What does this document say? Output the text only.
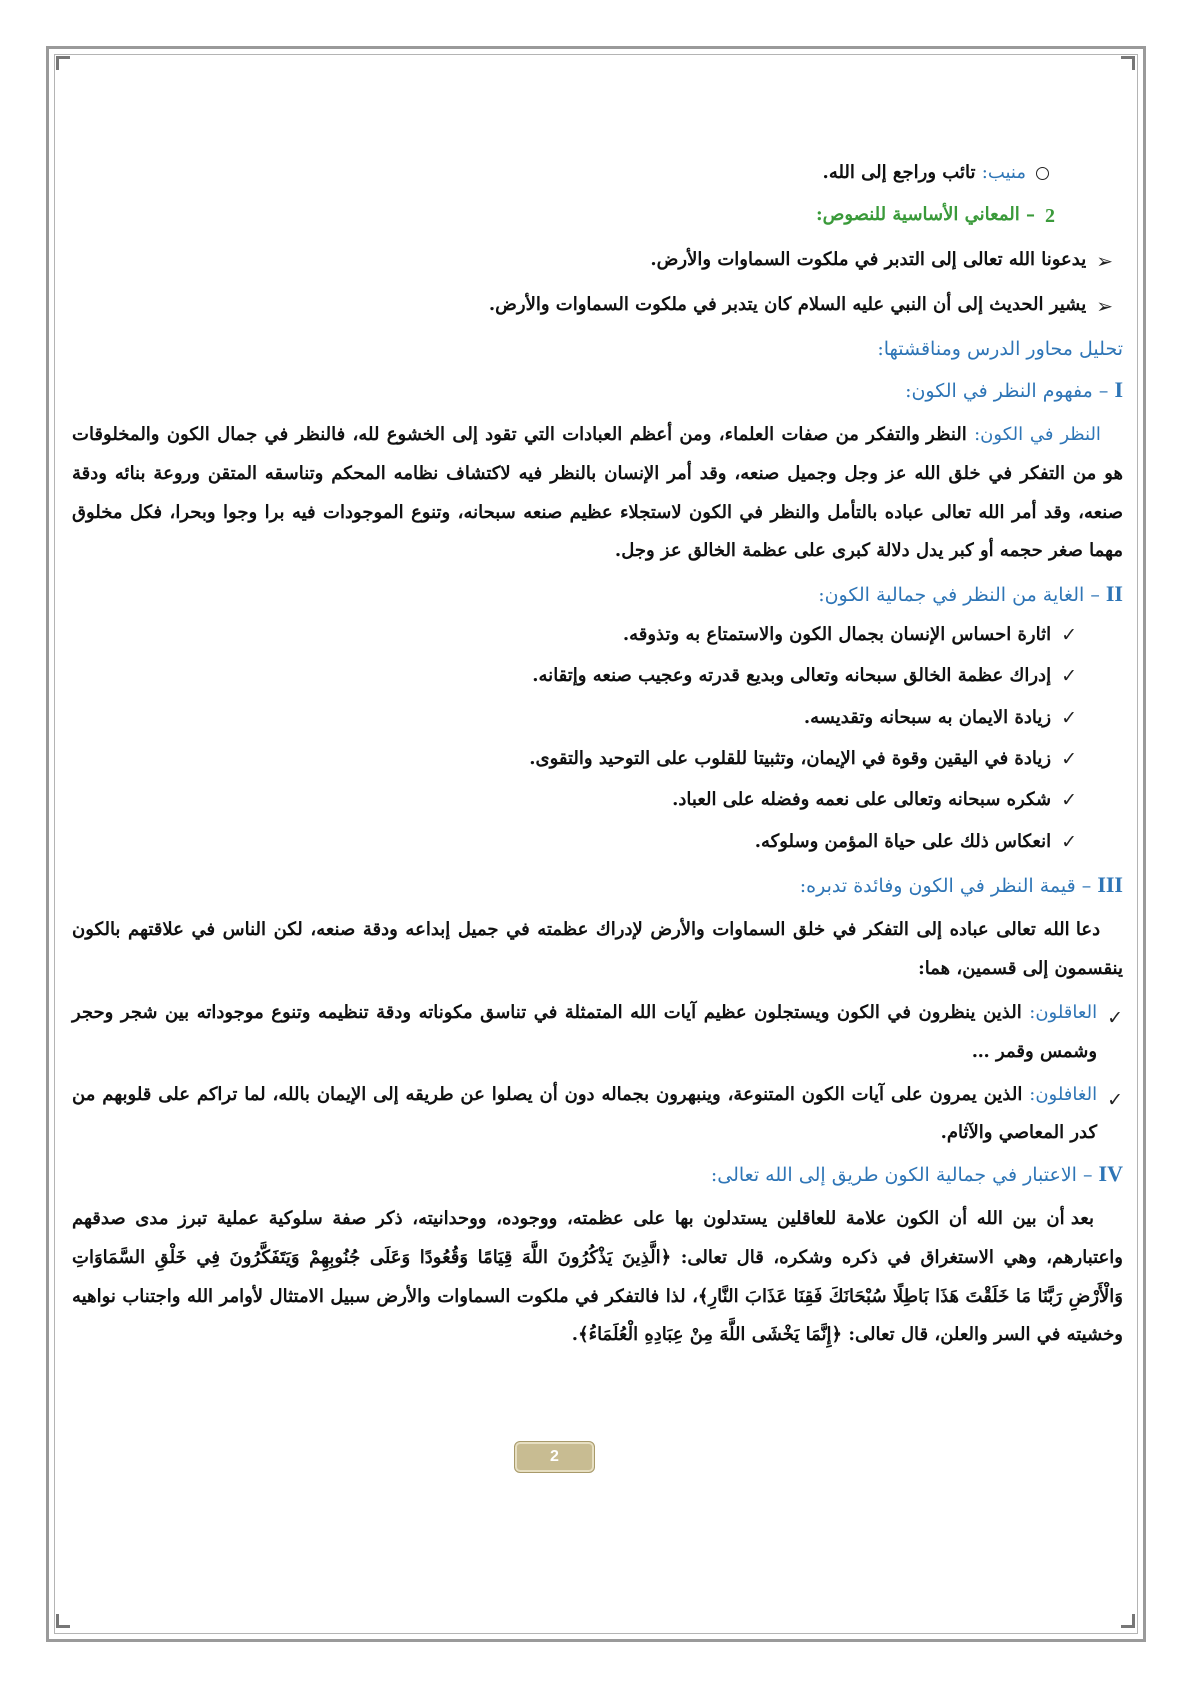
منيب: تائب وراجع إلى الله.
2
– المعاني الأساسية للنصوص:
➢
يدعونا الله تعالى إلى التدبر في ملكوت السماوات والأرض.
➢
يشير الحديث إلى أن النبي عليه السلام كان يتدبر في ملكوت السماوات والأرض.
تحليل محاور الدرس ومناقشتها:
I – مفهوم النظر في الكون:

النظر في الكون: النظر والتفكر من صفات العلماء، ومن أعظم العبادات التي تقود إلى الخشوع لله، فالنظر في جمال الكون والمخلوقات هو من التفكر في خلق الله عز وجل وجميل صنعه، وقد أمر الإنسان بالنظر فيه لاكتشاف نظامه المحكم وتناسقه المتقن وروعة بنائه ودقة صنعه، وقد أمر الله تعالى عباده بالتأمل والنظر في الكون لاستجلاء عظيم صنعه سبحانه، وتنوع الموجودات فيه برا وجوا وبحرا، فكل مخلوق مهما صغر حجمه أو كبر يدل دلالة كبرى على عظمة الخالق عز وجل.

II – الغاية من النظر في جمالية الكون:
✓
اثارة احساس الإنسان بجمال الكون والاستمتاع به وتذوقه.
✓
إدراك عظمة الخالق سبحانه وتعالى وبديع قدرته وعجيب صنعه وإتقانه.
✓
زيادة الايمان به سبحانه وتقديسه.
✓
زيادة في اليقين وقوة في الإيمان، وتثبيتا للقلوب على التوحيد والتقوى.
✓
شكره سبحانه وتعالى على نعمه وفضله على العباد.
✓
انعكاس ذلك على حياة المؤمن وسلوكه.
III – قيمة النظر في الكون وفائدة تدبره:

دعا الله تعالى عباده إلى التفكر في خلق السماوات والأرض لإدراك عظمته في جميل إبداعه ودقة صنعه، لكن الناس في علاقتهم بالكون ينقسمون إلى قسمين، هما:

✓
العاقلون: الذين ينظرون في الكون ويستجلون عظيم آيات الله المتمثلة في تناسق مكوناته ودقة تنظيمه وتنوع موجوداته بين شجر وحجر وشمس وقمر …
✓
الغافلون: الذين يمرون على آيات الكون المتنوعة، وينبهرون بجماله دون أن يصلوا عن طريقه إلى الإيمان بالله، لما تراكم على قلوبهم من كدر المعاصي والآثام.
IV – الاعتبار في جمالية الكون طريق إلى الله تعالى:

بعد أن بين الله أن الكون علامة للعاقلين يستدلون بها على عظمته، ووجوده، ووحدانيته، ذكر صفة سلوكية عملية تبرز مدى صدقهم واعتبارهم، وهي الاستغراق في ذكره وشكره، قال تعالى: ﴿الَّذِينَ يَذْكُرُونَ اللَّهَ قِيَامًا وَقُعُودًا وَعَلَى جُنُوبِهِمْ وَيَتَفَكَّرُونَ فِي خَلْقِ السَّمَاوَاتِ وَالْأَرْضِ رَبَّنَا مَا خَلَقْتَ هَذَا بَاطِلًا سُبْحَانَكَ فَقِنَا عَذَابَ النَّارِ﴾، لذا فالتفكر في ملكوت السماوات والأرض سبيل الامتثال لأوامر الله واجتناب نواهيه وخشيته في السر والعلن، قال تعالى: ﴿إِنَّمَا يَخْشَى اللَّهَ مِنْ عِبَادِهِ الْعُلَمَاءُ﴾.

2
